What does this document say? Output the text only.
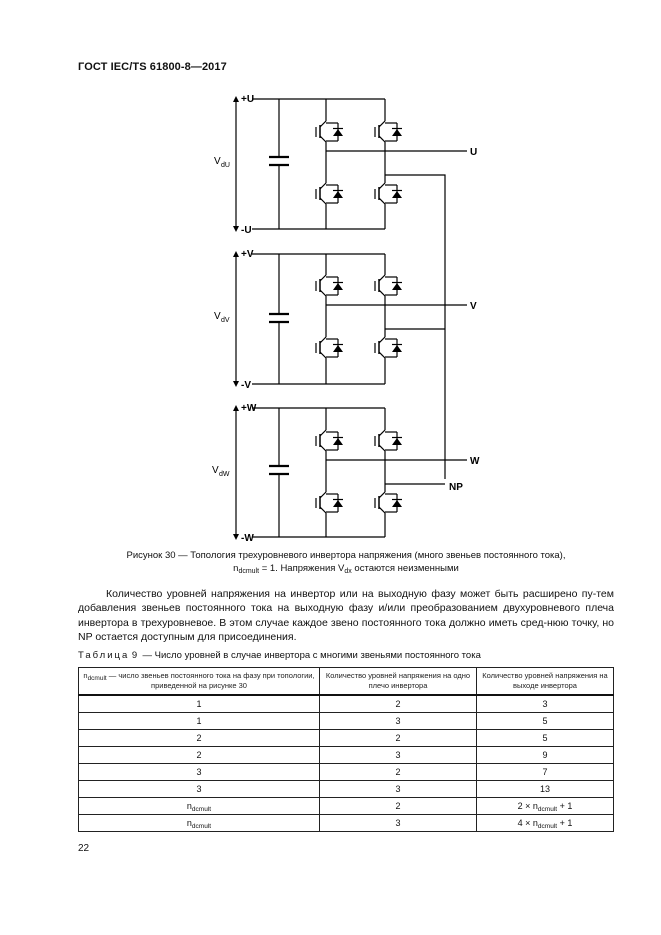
ГОСТ IEC/TS 61800-8—2017
+U
-U
+V
-V
+W
-W
U
V
W
NP
V dU
V dV
V dW
Рисунок 30 — Топология трехуровневого инвертора напряжения (много звеньев постоянного тока),
$n_{dcmult} = 1$. Напряжения $V_{dx}$ остаются неизменными

Количество уровней напряжения на инвертор или на выходную фазу может быть расширено пу-тем добавления звеньев постоянного тока на выходную фазу и/или преобразованием двухуровневого плеча инвертора в трехуровневое. В этом случае каждое звено постоянного тока должно иметь сред-нюю точку, но NP остается доступным для присоединения.

Таблица 9 — Число уровней в случае инвертора с многими звеньями постоянного тока
$n_{dcmult}$ — число звеньев постоянного тока на фазу при топологии, приведенной на рисунке 30	Количество уровней напряжения на одно плечо инвертора	Количество уровней напряжения на выходе инвертора
1	2	3
1	3	5
2	2	5
2	3	9
3	2	7
3	3	13
$n_{dcmult}$	2	$2 \times n_{dcmult} + 1$
$n_{dcmult}$	3	$4 \times n_{dcmult} + 1$
22
